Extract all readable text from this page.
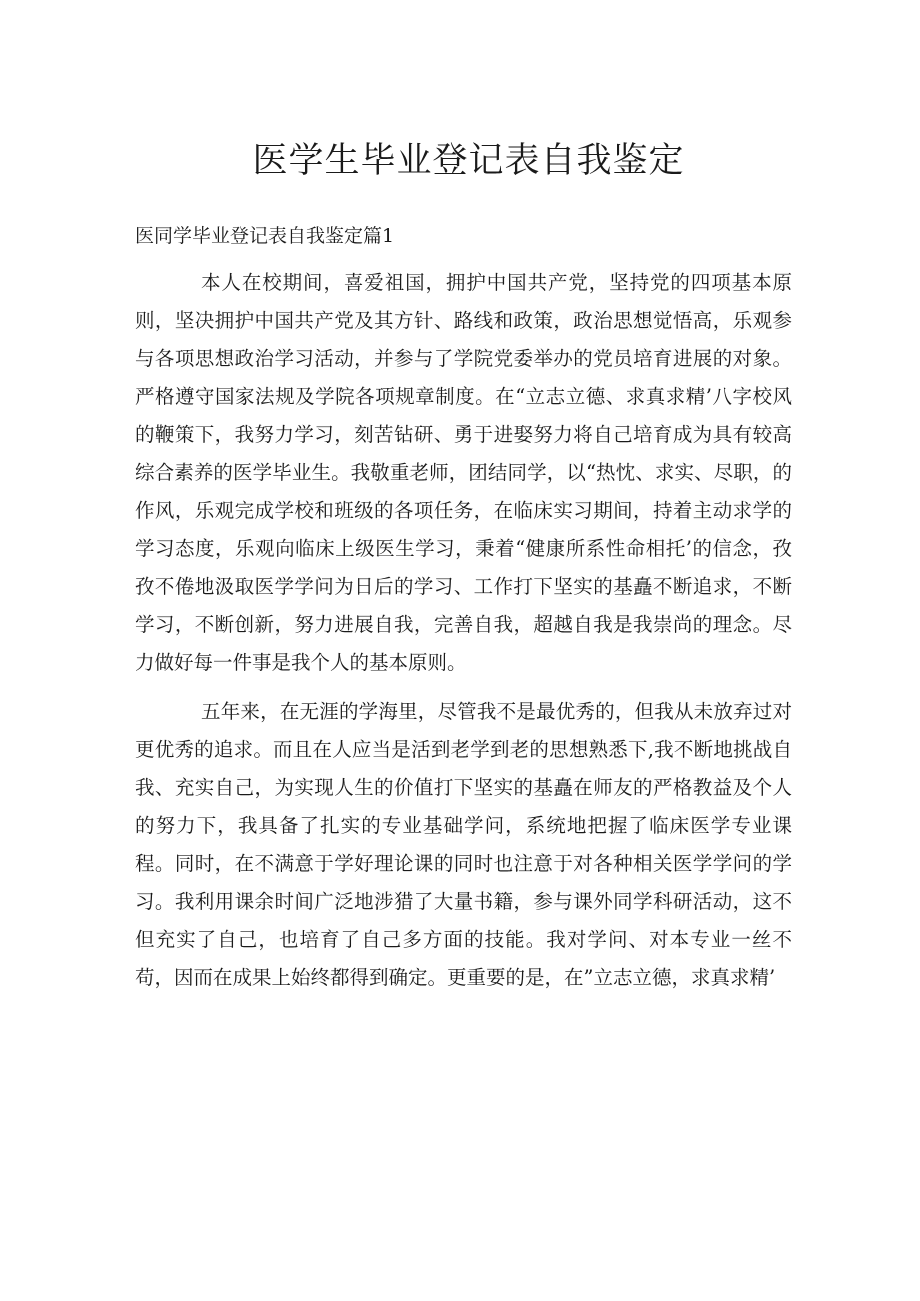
医学生毕业登记表自我鉴定
医同学毕业登记表自我鉴定篇1

本人在校期间，喜爱祖国，拥护中国共产党，坚持党的四项基本原则，坚决拥护中国共产党及其方针、路线和政策，政治思想觉悟高，乐观参与各项思想政治学习活动，并参与了学院党委举办的党员培育进展的对象。严格遵守国家法规及学院各项规章制度。在“立志立德、求真求精’八字校风的鞭策下，我努力学习，刻苦钻研、勇于进娶努力将自己培育成为具有较高综合素养的医学毕业生。我敬重老师，团结同学，以“热忱、求实、尽职，的作风，乐观完成学校和班级的各项任务，在临床实习期间，持着主动求学的学习态度，乐观向临床上级医生学习，秉着“健康所系性命相托’的信念，孜孜不倦地汲取医学学问为日后的学习、工作打下坚实的基矗不断追求，不断学习，不断创新，努力进展自我，完善自我，超越自我是我崇尚的理念。尽力做好每一件事是我个人的基本原则。

五年来，在无涯的学海里，尽管我不是最优秀的，但我从未放弃过对更优秀的追求。而且在人应当是活到老学到老的思想熟悉下,我不断地挑战自我、充实自己，为实现人生的价值打下坚实的基矗在师友的严格教益及个人的努力下，我具备了扎实的专业基础学问，系统地把握了临床医学专业课程。同时，在不满意于学好理论课的同时也注意于对各种相关医学学问的学习。我利用课余时间广泛地涉猎了大量书籍，参与课外同学科研活动，这不但充实了自己，也培育了自己多方面的技能。我对学问、对本专业一丝不苟，因而在成果上始终都得到确定。更重要的是，在”立志立德，求真求精’
